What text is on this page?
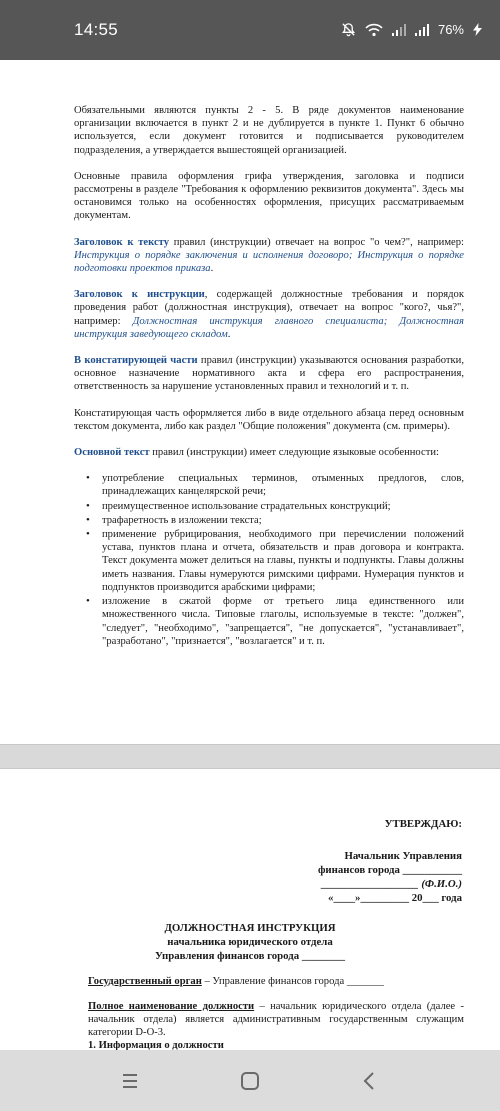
14:55	76%

Обязательными являются пункты 2 - 5. В ряде документов наименование организации включается в пункт 2 и не дублируется в пункте 1. Пункт 6 обычно используется, если документ готовится и подписывается руководителем подразделения, а утверждается вышестоящей организацией.

Основные правила оформления грифа утверждения, заголовка и подписи рассмотрены в разделе "Требования к оформлению реквизитов документа". Здесь мы остановимся только на особенностях оформления, присущих рассматриваемым документам.

Заголовок к тексту правил (инструкции) отвечает на вопрос "о чем?", например: Инструкция о порядке заключения и исполнения договоро; Инструкция о порядке подготовки проектов приказа.

Заголовок к инструкции, содержащей должностные требования и порядок проведения работ (должностная инструкция), отвечает на вопрос "кого?, чья?", например: Должностная инструкция главного специалиста; Должностная инструкция заведующего складом.

В констатирующей части правил (инструкции) указываются основания разработки, основное назначение нормативного акта и сфера его распространения, ответственность за нарушение установленных правил и технологий и т. п.

Констатирующая часть оформляется либо в виде отдельного абзаца перед основным текстом документа, либо как раздел "Общие положения" документа (см. примеры).

Основной текст правил (инструкции) имеет следующие языковые особенности:

• употребление специальных терминов, отыменных предлогов, слов, принадлежащих канцелярской речи;
• преимущественное использование страдательных конструкций;
• трафаретность в изложении текста;
• применение рубрицирования, необходимого при перечислении положений устава, пунктов плана и отчета, обязательств и прав договора и контракта. Текст документа может делиться на главы, пункты и подпункты. Главы должны иметь названия. Главы нумеруются римскими цифрами. Нумерация пунктов и подпунктов производится арабскими цифрами;
• изложение в сжатой форме от третьего лица единственного или множественного числа. Типовые глаголы, используемые в тексте: "должен", "следует", "необходимо", "запрещается", "не допускается", "устанавливает", "разработано", "признается", "возлагается" и т. п.
УТВЕРЖДАЮ:
Начальник Управления
финансов города ___________
__________________ (Ф.И.О.)
«____»_________ 20___ года
ДОЛЖНОСТНАЯ ИНСТРУКЦИЯ
начальника юридического отдела
Управления финансов города ________

Государственный орган – Управление финансов города _______

Полное наименование должности – начальник юридического отдела (далее - начальник отдела) является административным государственным служащим категории D-O-3.

1. Информация о должности
